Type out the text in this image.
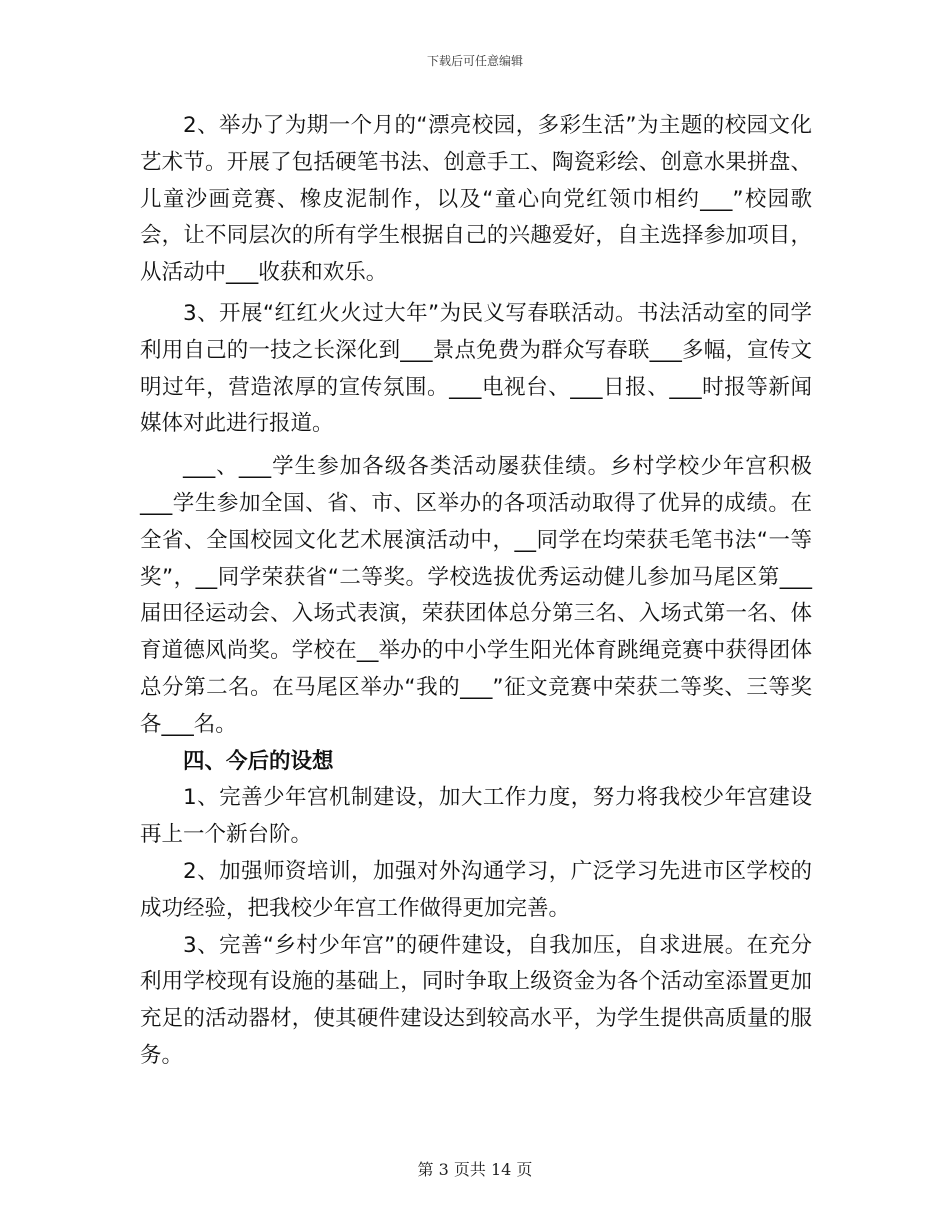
下载后可任意编辑

2、举办了为期一个月的“漂亮校园，多彩生活”为主题的校园文化艺术节。开展了包括硬笔书法、创意手工、陶瓷彩绘、创意水果拼盘、儿童沙画竞赛、橡皮泥制作，以及“童心向党红领巾相约___”校园歌会，让不同层次的所有学生根据自己的兴趣爱好，自主选择参加项目，从活动中___收获和欢乐。

3、开展“红红火火过大年”为民义写春联活动。书法活动室的同学利用自己的一技之长深化到___景点免费为群众写春联___多幅，宣传文明过年，营造浓厚的宣传氛围。___电视台、___日报、___时报等新闻媒体对此进行报道。

___、___学生参加各级各类活动屡获佳绩。乡村学校少年宫积极___学生参加全国、省、市、区举办的各项活动取得了优异的成绩。在全省、全国校园文化艺术展演活动中，__同学在均荣获毛笔书法“一等奖”，__同学荣获省“二等奖。学校选拔优秀运动健儿参加马尾区第___届田径运动会、入场式表演，荣获团体总分第三名、入场式第一名、体育道德风尚奖。学校在__举办的中小学生阳光体育跳绳竞赛中获得团体总分第二名。在马尾区举办“我的___”征文竞赛中荣获二等奖、三等奖各___名。

四、今后的设想

1、完善少年宫机制建设，加大工作力度，努力将我校少年宫建设再上一个新台阶。

2、加强师资培训，加强对外沟通学习，广泛学习先进市区学校的成功经验，把我校少年宫工作做得更加完善。

3、完善“乡村少年宫”的硬件建设，自我加压，自求进展。在充分利用学校现有设施的基础上，同时争取上级资金为各个活动室添置更加充足的活动器材，使其硬件建设达到较高水平，为学生提供高质量的服务。

第 3 页共 14 页
